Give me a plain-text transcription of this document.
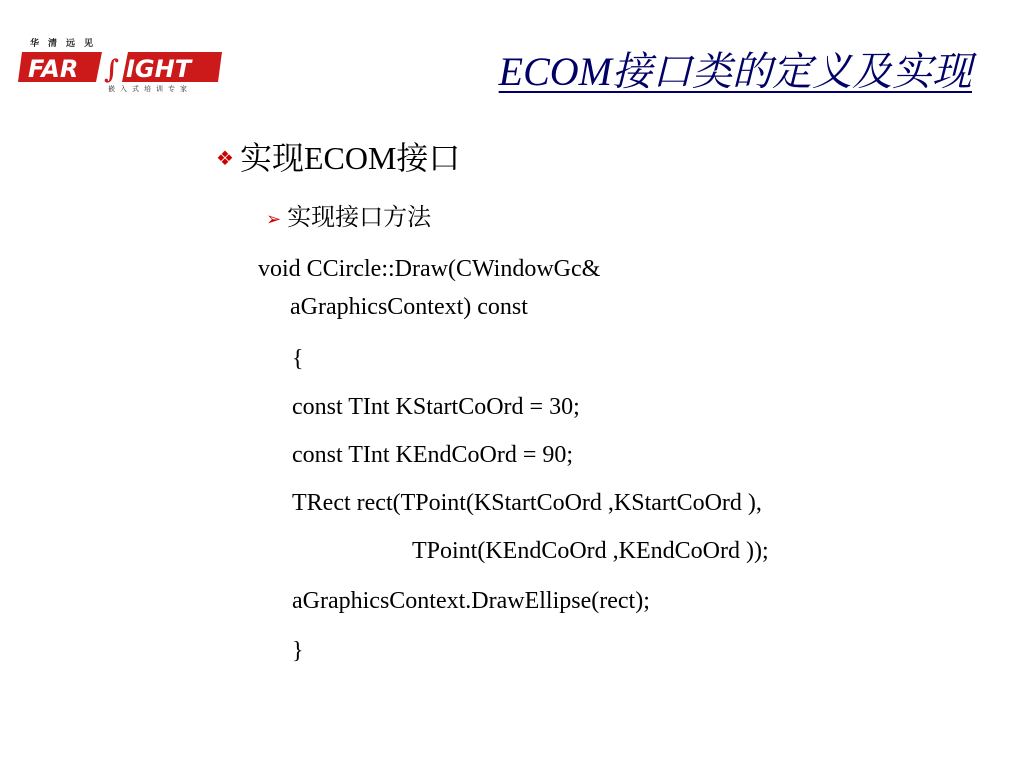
华清远见
FAR ∫ IGHT
嵌入式培训专家	ECOM接口类的定义及实现
❖ 实现ECOM接口
➢ 实现接口方法
void CCircle::Draw(CWindowGc&
aGraphicsContext) const
{
const TInt KStartCoOrd = 30;
const TInt KEndCoOrd = 90;
TRect rect(TPoint(KStartCoOrd ,KStartCoOrd ),
TPoint(KEndCoOrd ,KEndCoOrd ));
aGraphicsContext.DrawEllipse(rect);
}
